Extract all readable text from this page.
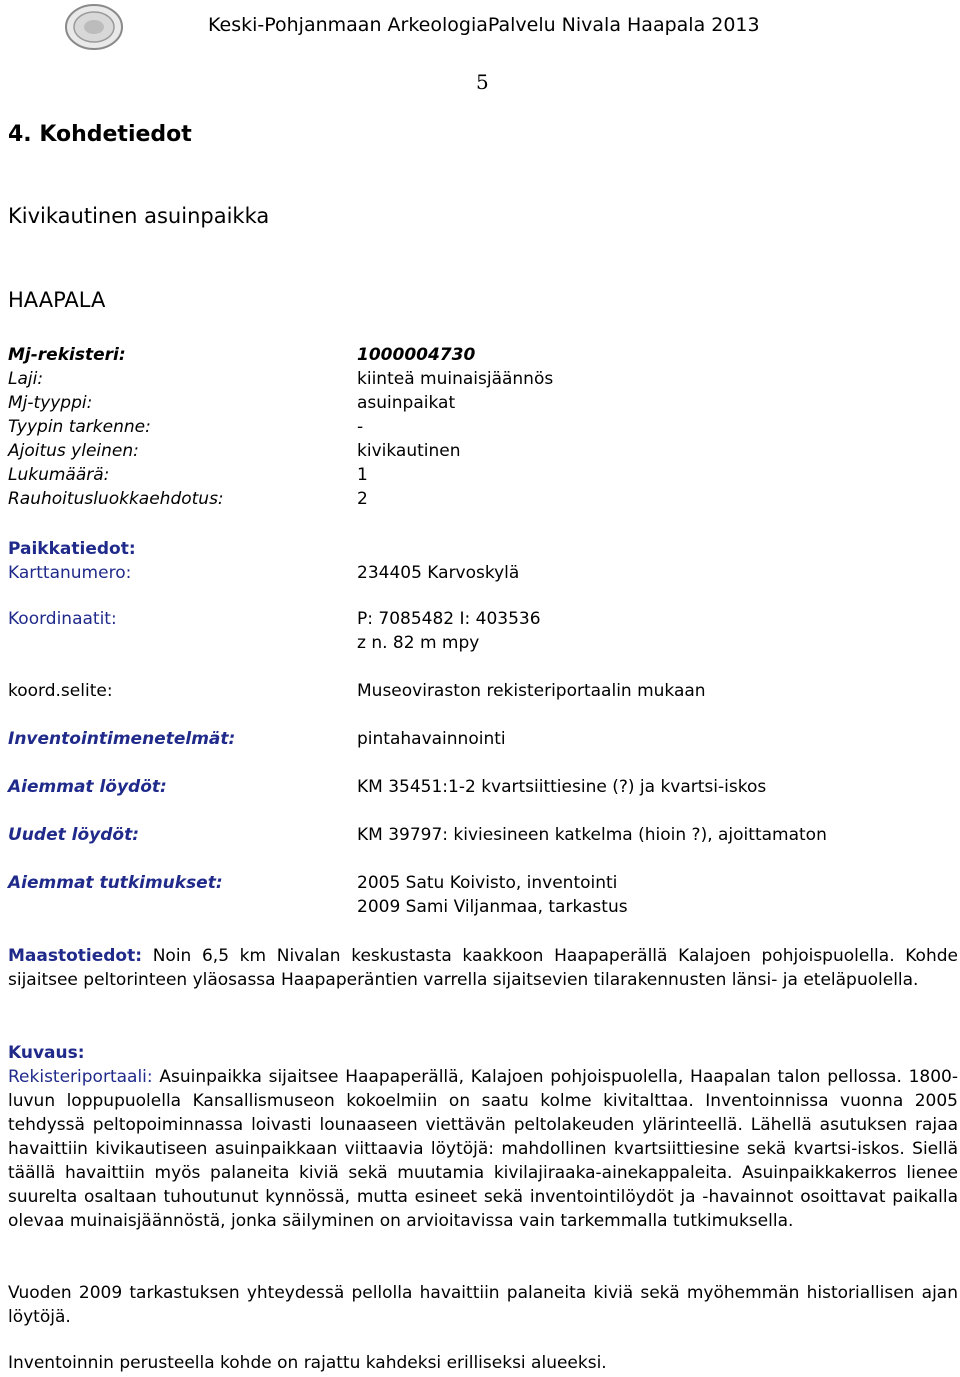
Keski-Pohjanmaan ArkeologiaPalvelu Nivala Haapala 2013
5
4. Kohdetiedot
Kivikautinen asuinpaikka
HAAPALA
Mj-rekisteri:	1000004730
Laji:	kiinteä muinaisjäännös
Mj-tyyppi:	asuinpaikat
Tyypin tarkenne:	-
Ajoitus yleinen:	kivikautinen
Lukumäärä:	1
Rauhoitusluokkaehdotus:	2
Paikkatiedot:
Karttanumero:	234405 Karvoskylä
Koordinaatit:	P: 7085482 I: 403536
z n. 82 m mpy
koord.selite:	Museoviraston rekisteriportaalin mukaan
Inventointimenetelmät:	pintahavainnointi
Aiemmat löydöt:	KM 35451:1-2 kvartsiittiesine (?) ja kvartsi-iskos
Uudet löydöt:	KM 39797: kiviesineen katkelma (hioin ?), ajoittamaton
Aiemmat tutkimukset:	2005 Satu Koivisto, inventointi
2009 Sami Viljanmaa, tarkastus
Maastotiedot: Noin 6,5 km Nivalan keskustasta kaakkoon Haapaperällä Kalajoen pohjoispuolella. Kohde sijaitsee peltorinteen yläosassa Haapaperäntien varrella sijaitsevien tilarakennusten länsi- ja eteläpuolella.
Kuvaus:
Rekisteriportaali: Asuinpaikka sijaitsee Haapaperällä, Kalajoen pohjoispuolella, Haapalan talon pellossa. 1800-luvun loppupuolella Kansallismuseon kokoelmiin on saatu kolme kivitalttaa. Inventoinnissa vuonna 2005 tehdyssä peltopoiminnassa loivasti lounaaseen viettävän peltolakeuden ylärinteellä. Lähellä asutuksen rajaa havaittiin kivikautiseen asuinpaikkaan viittaavia löytöjä: mahdollinen kvartsiittiesine sekä kvartsi-iskos. Siellä täällä havaittiin myös palaneita kiviä sekä muutamia kivilajiraaka-ainekappaleita. Asuinpaikkakerros lienee suurelta osaltaan tuhoutunut kynnössä, mutta esineet sekä inventointilöydöt ja -havainnot osoittavat paikalla olevaa muinaisjäännöstä, jonka säilyminen on arvioitavissa vain tarkemmalla tutkimuksella.
Vuoden 2009 tarkastuksen yhteydessä pellolla havaittiin palaneita kiviä sekä myöhemmän historiallisen ajan löytöjä.
Inventoinnin perusteella kohde on rajattu kahdeksi erilliseksi alueeksi.
